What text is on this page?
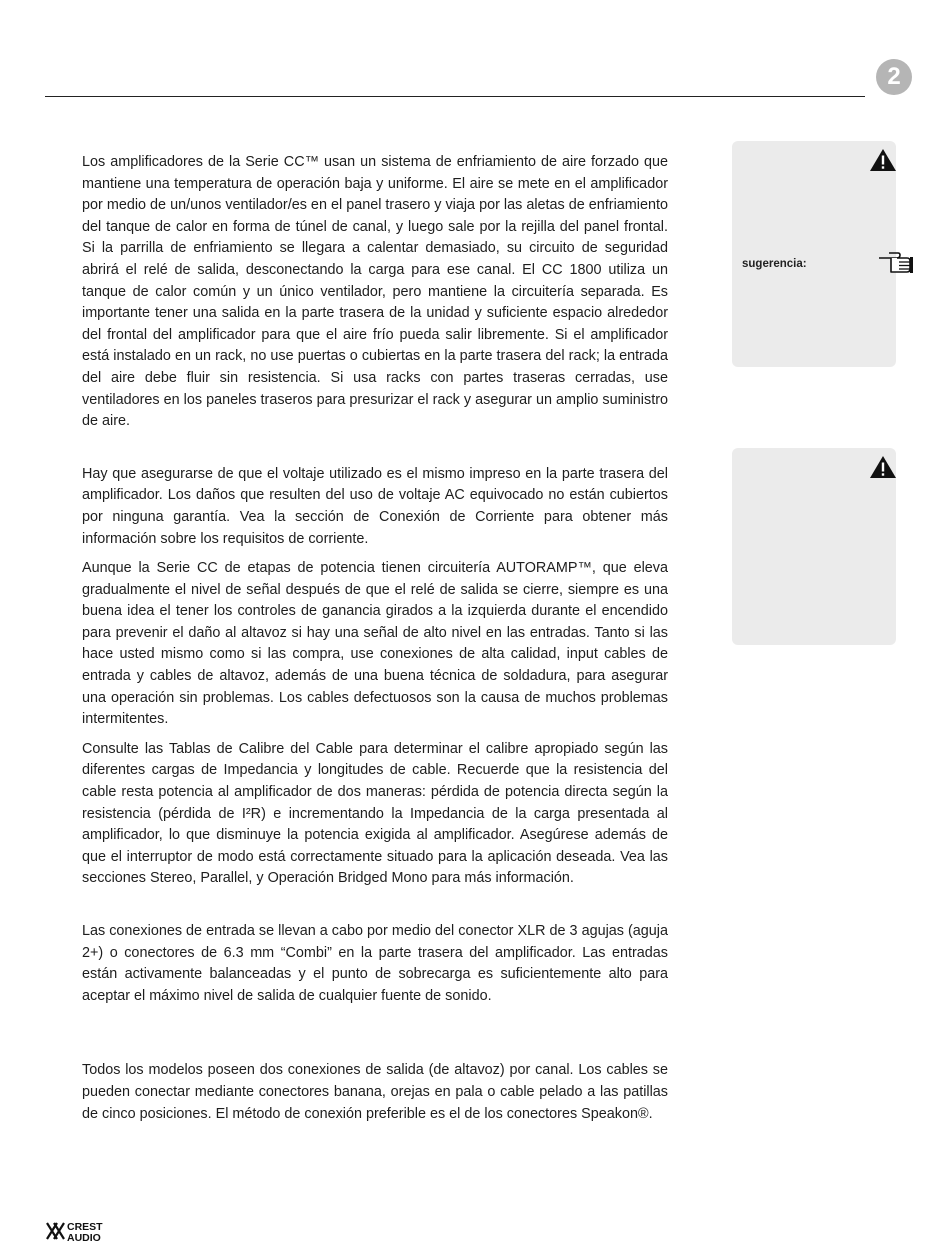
2

Los amplificadores de la Serie CC™ usan un sistema de enfriamiento de aire forzado que mantiene una temperatura de operación baja y uniforme. El aire se mete en el amplificador por medio de un/unos ventilador/es en el panel trasero y viaja por las aletas de enfriamiento del tanque de calor en forma de túnel de canal, y luego sale por la rejilla del panel frontal. Si la parrilla de enfriamiento se llegara a calentar demasiado, su circuito de seguridad abrirá el relé de salida, desconectando la carga para ese canal. El CC 1800 utiliza un tanque de calor común y un único ventilador, pero mantiene la circuitería separada. Es importante tener una salida en la parte trasera de la unidad y suficiente espacio alrededor del frontal del amplificador para que el aire frío pueda salir libremente. Si el amplificador está instalado en un rack, no use puertas o cubiertas en la parte trasera del rack; la entrada del aire debe fluir sin resistencia. Si usa racks con partes traseras cerradas, use ventiladores en los paneles traseros para presurizar el rack y asegurar un amplio suministro de aire.

Hay que asegurarse de que el voltaje utilizado es el mismo impreso en la parte trasera del amplificador. Los daños que resulten del uso de voltaje AC equivocado no están cubiertos por ninguna garantía. Vea la sección de Conexión de Corriente para obtener más información sobre los requisitos de corriente.

Aunque la Serie CC de etapas de potencia tienen circuitería AUTORAMP™, que eleva gradualmente el nivel de señal después de que el relé de salida se cierre, siempre es una buena idea el tener los controles de ganancia girados a la izquierda durante el encendido para prevenir el daño al altavoz si hay una señal de alto nivel en las entradas. Tanto si las hace usted mismo como si las compra, use conexiones de alta calidad, input cables de entrada y cables de altavoz, además de una buena técnica de soldadura, para asegurar una operación sin problemas. Los cables defectuosos son la causa de muchos problemas intermitentes.

Consulte las Tablas de Calibre del Cable para determinar el calibre apropiado según las diferentes cargas de Impedancia y longitudes de cable. Recuerde que la resistencia del cable resta potencia al amplificador de dos maneras: pérdida de potencia directa según la resistencia (pérdida de I²R) e incrementando la Impedancia de la carga presentada al amplificador, lo que disminuye la potencia exigida al amplificador. Asegúrese además de que el interruptor de modo está correctamente situado para la aplicación deseada. Vea las secciones Stereo, Parallel, y Operación Bridged Mono para más información.

Las conexiones de entrada se llevan a cabo por medio del conector XLR de 3 agujas (aguja 2+) o conectores de 6.3 mm “Combi” en la parte trasera del amplificador. Las entradas están activamente balanceadas y el punto de sobrecarga es suficientemente alto para aceptar el máximo nivel de salida de cualquier fuente de sonido.

Todos los modelos poseen dos conexiones de salida (de altavoz) por canal. Los cables se pueden conectar mediante conectores banana, orejas en pala o cable pelado a las patillas de cinco posiciones. El método de conexión preferible es el de los conectores Speakon®.

sugerencia:
CREST
AUDIO
